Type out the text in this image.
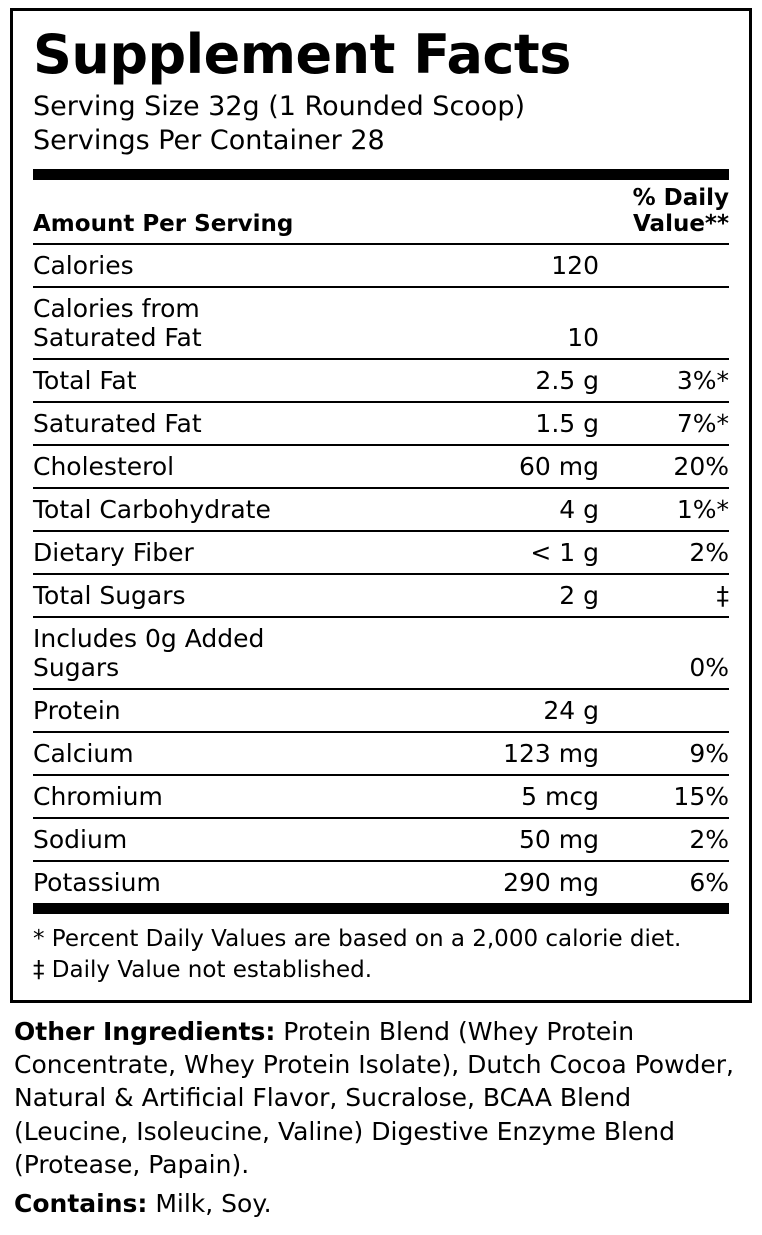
Supplement Facts
Serving Size 32g (1 Rounded Scoop)
Servings Per Container 28
Amount Per Serving		% Daily Value**
Calories	120	
Calories from Saturated Fat	10	
Total Fat	2.5 g	3%*
Saturated Fat	1.5 g	7%*
Cholesterol	60 mg	20%
Total Carbohydrate	4 g	1%*
Dietary Fiber	< 1 g	2%
Total Sugars	2 g	‡
Includes 0g Added Sugars		0%
Protein	24 g	
Calcium	123 mg	9%
Chromium	5 mcg	15%
Sodium	50 mg	2%
Potassium	290 mg	6%
* Percent Daily Values are based on a 2,000 calorie diet.
‡ Daily Value not established.
Other Ingredients: Protein Blend (Whey Protein Concentrate, Whey Protein Isolate), Dutch Cocoa Powder, Natural & Artificial Flavor, Sucralose, BCAA Blend (Leucine, Isoleucine, Valine) Digestive Enzyme Blend (Protease, Papain).
Contains: Milk, Soy.
